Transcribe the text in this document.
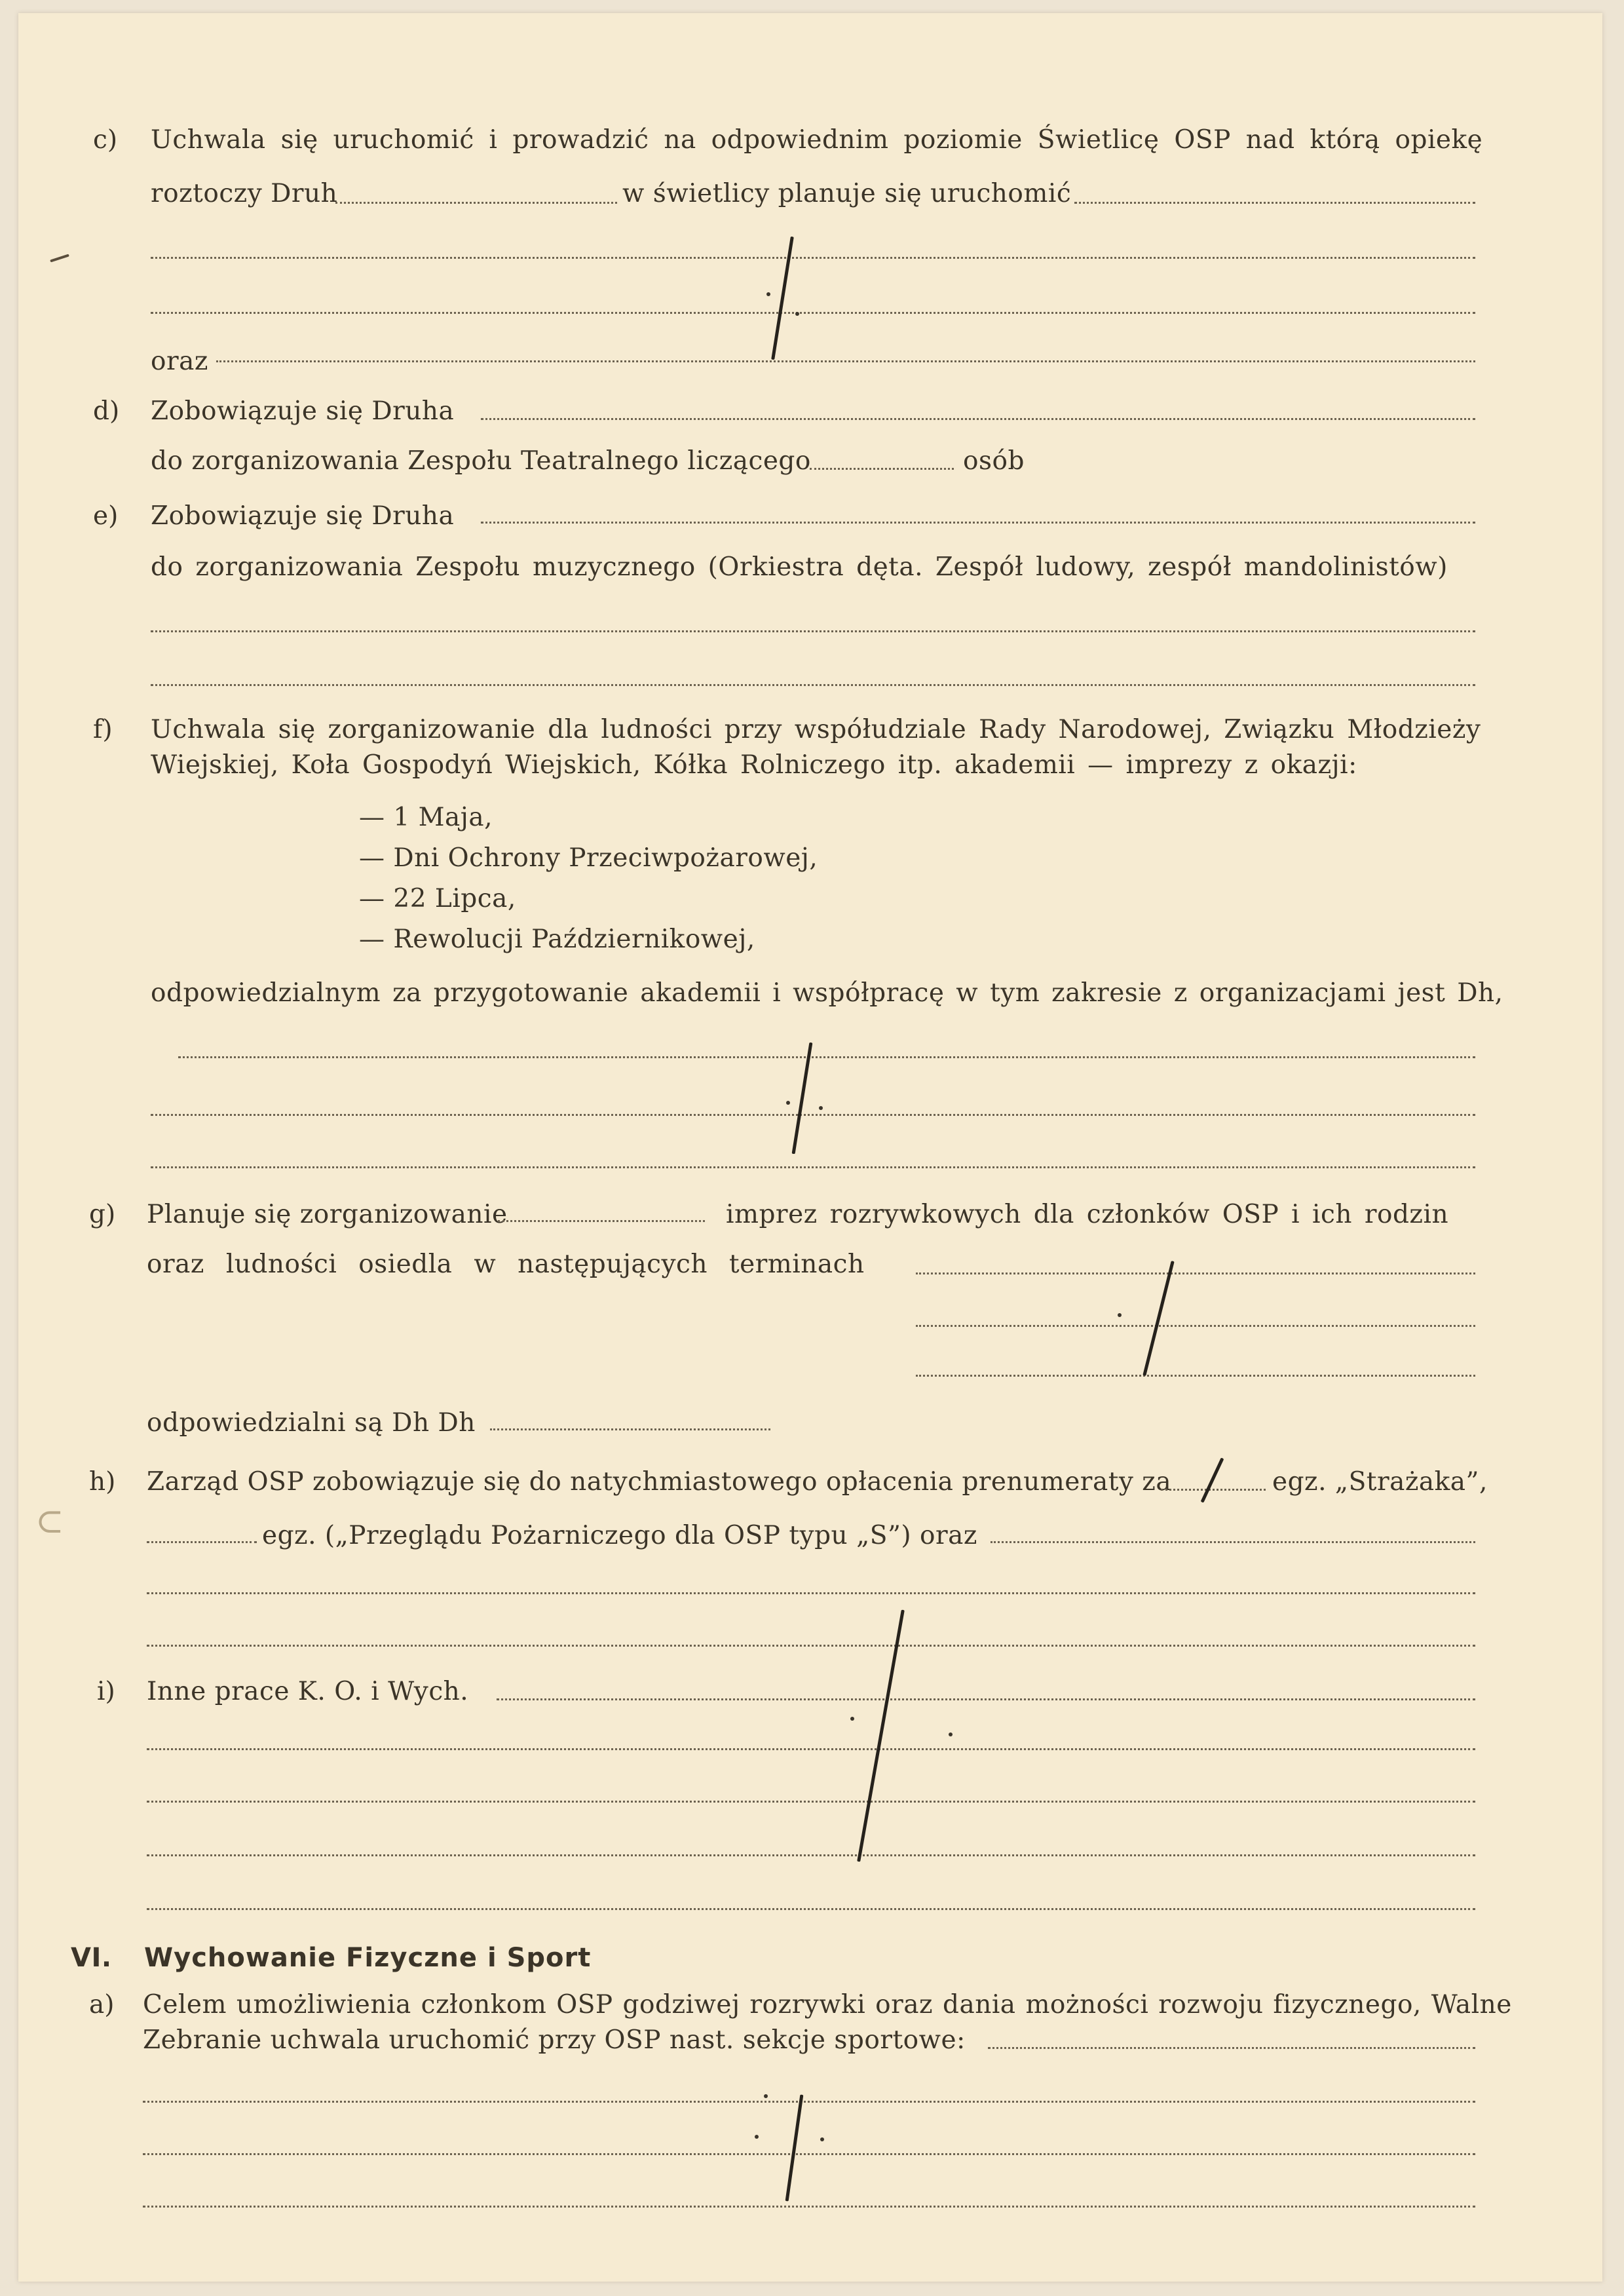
c) Uchwala się uruchomić i prowadzić na odpowiednim poziomie Świetlicę OSP nad którą opiekę
roztoczy Druh	w świetlicy planuje się uruchomić
oraz
d) Zobowiązuje się Druha
do zorganizowania Zespołu Teatralnego liczącego	osób
e) Zobowiązuje się Druha
do zorganizowania Zespołu muzycznego (Orkiestra dęta. Zespół ludowy, zespół mandolinistów)
f) Uchwala się zorganizowanie dla ludności przy współudziale Rady Narodowej, Związku Młodzieży
Wiejskiej, Koła Gospodyń Wiejskich, Kółka Rolniczego itp. akademii — imprezy z okazji:
— 1 Maja,
— Dni Ochrony Przeciwpożarowej,
— 22 Lipca,
— Rewolucji Październikowej,
odpowiedzialnym za przygotowanie akademii i współpracę w tym zakresie z organizacjami jest Dh,
g) Planuje się zorganizowanie	imprez rozrywkowych dla członków OSP i ich rodzin
oraz ludności osiedla w następujących terminach
odpowiedzialni są Dh Dh
h) Zarząd OSP zobowiązuje się do natychmiastowego opłacenia prenumeraty za	egz. „Strażaka”,
egz. („Przeglądu Pożarniczego dla OSP typu „S”) oraz
i) Inne prace K. O. i Wych.
VI. Wychowanie Fizyczne i Sport
a) Celem umożliwienia członkom OSP godziwej rozrywki oraz dania możności rozwoju fizycznego, Walne
Zebranie uchwala uruchomić przy OSP nast. sekcje sportowe:
⊂
